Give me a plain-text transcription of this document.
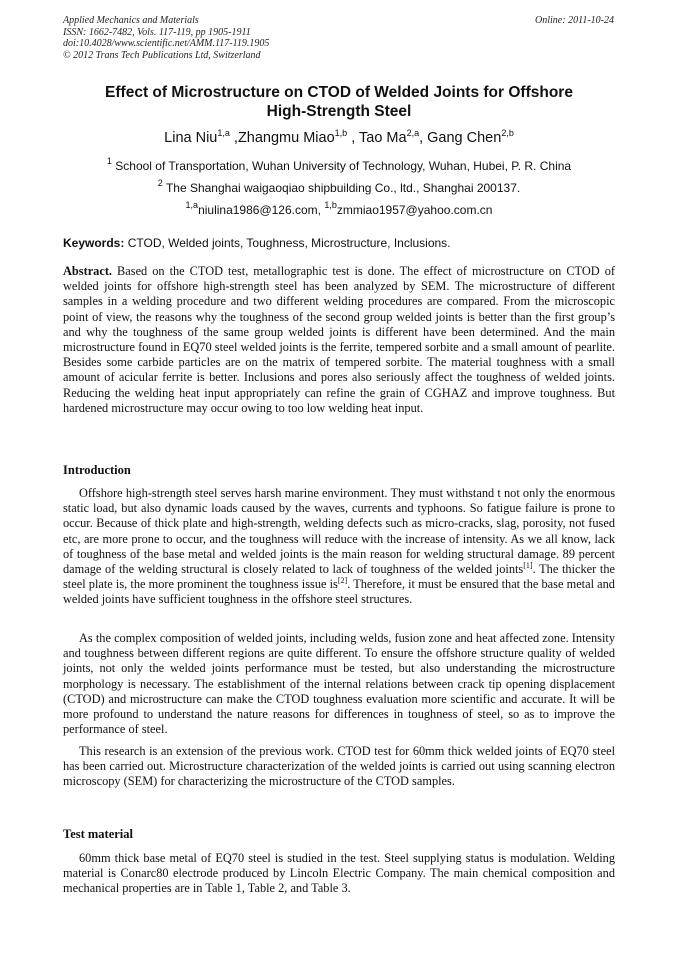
Applied Mechanics and Materials
ISSN: 1662-7482, Vols. 117-119, pp 1905-1911
doi:10.4028/www.scientific.net/AMM.117-119.1905
© 2012 Trans Tech Publications Ltd, Switzerland
Online: 2011-10-24
Effect of Microstructure on CTOD of Welded Joints for Offshore
High-Strength Steel
Lina Niu$^{1,a}$ ,Zhangmu Miao$^{1,b}$ , Tao Ma$^{2,a}$, Gang Chen$^{2,b}$
$^1$ School of Transportation, Wuhan University of Technology, Wuhan, Hubei, P. R. China
$^2$ The Shanghai waigaoqiao shipbuilding Co., ltd., Shanghai 200137.
$^{1,a}$niulina1986@126.com, $^{1,b}$zmmiao1957@yahoo.com.cn
Keywords: CTOD, Welded joints, Toughness, Microstructure, Inclusions.

Abstract. Based on the CTOD test, metallographic test is done. The effect of microstructure on CTOD of welded joints for offshore high-strength steel has been analyzed by SEM. The microstructure of different samples in a welding procedure and two different welding procedures are compared. From the microscopic point of view, the reasons why the toughness of the second group welded joints is better than the first group’s and why the toughness of the same group welded joints is different have been determined. And the main microstructure found in EQ70 steel welded joints is the ferrite, tempered sorbite and a small amount of pearlite. Besides some carbide particles are on the matrix of tempered sorbite. The material toughness with a small amount of acicular ferrite is better. Inclusions and pores also seriously affect the toughness of welded joints. Reducing the welding heat input appropriately can refine the grain of CGHAZ and improve toughness. But hardened microstructure may occur owing to too low welding heat input.

Introduction

Offshore high-strength steel serves harsh marine environment. They must withstand t not only the enormous static load, but also dynamic loads caused by the waves, currents and typhoons. So fatigue failure is prone to occur. Because of thick plate and high-strength, welding defects such as micro-cracks, slag, porosity, not fused etc, are more prone to occur, and the toughness will reduce with the increase of intensity. As we all know, lack of toughness of the base metal and welded joints is the main reason for welding structural damage. 89 percent damage of the welding structural is closely related to lack of toughness of the welded joints[1]. The thicker the steel plate is, the more prominent the toughness issue is[2]. Therefore, it must be ensured that the base metal and welded joints have sufficient toughness in the offshore steel structures.

As the complex composition of welded joints, including welds, fusion zone and heat affected zone. Intensity and toughness between different regions are quite different. To ensure the offshore structure quality of welded joints, not only the welded joints performance must be tested, but also understanding the microstructure morphology is necessary. The establishment of the internal relations between crack tip opening displacement (CTOD) and microstructure can make the CTOD toughness evaluation more scientific and accurate. It will be more profound to understand the nature reasons for differences in toughness of steel, so as to improve the performance of steel.

This research is an extension of the previous work. CTOD test for 60mm thick welded joints of EQ70 steel has been carried out. Microstructure characterization of the welded joints is carried out using scanning electron microscopy (SEM) for characterizing the microstructure of the CTOD samples.

Test material

60mm thick base metal of EQ70 steel is studied in the test. Steel supplying status is modulation. Welding material is Conarc80 electrode produced by Lincoln Electric Company. The main chemical composition and mechanical properties are in Table 1, Table 2, and Table 3.
